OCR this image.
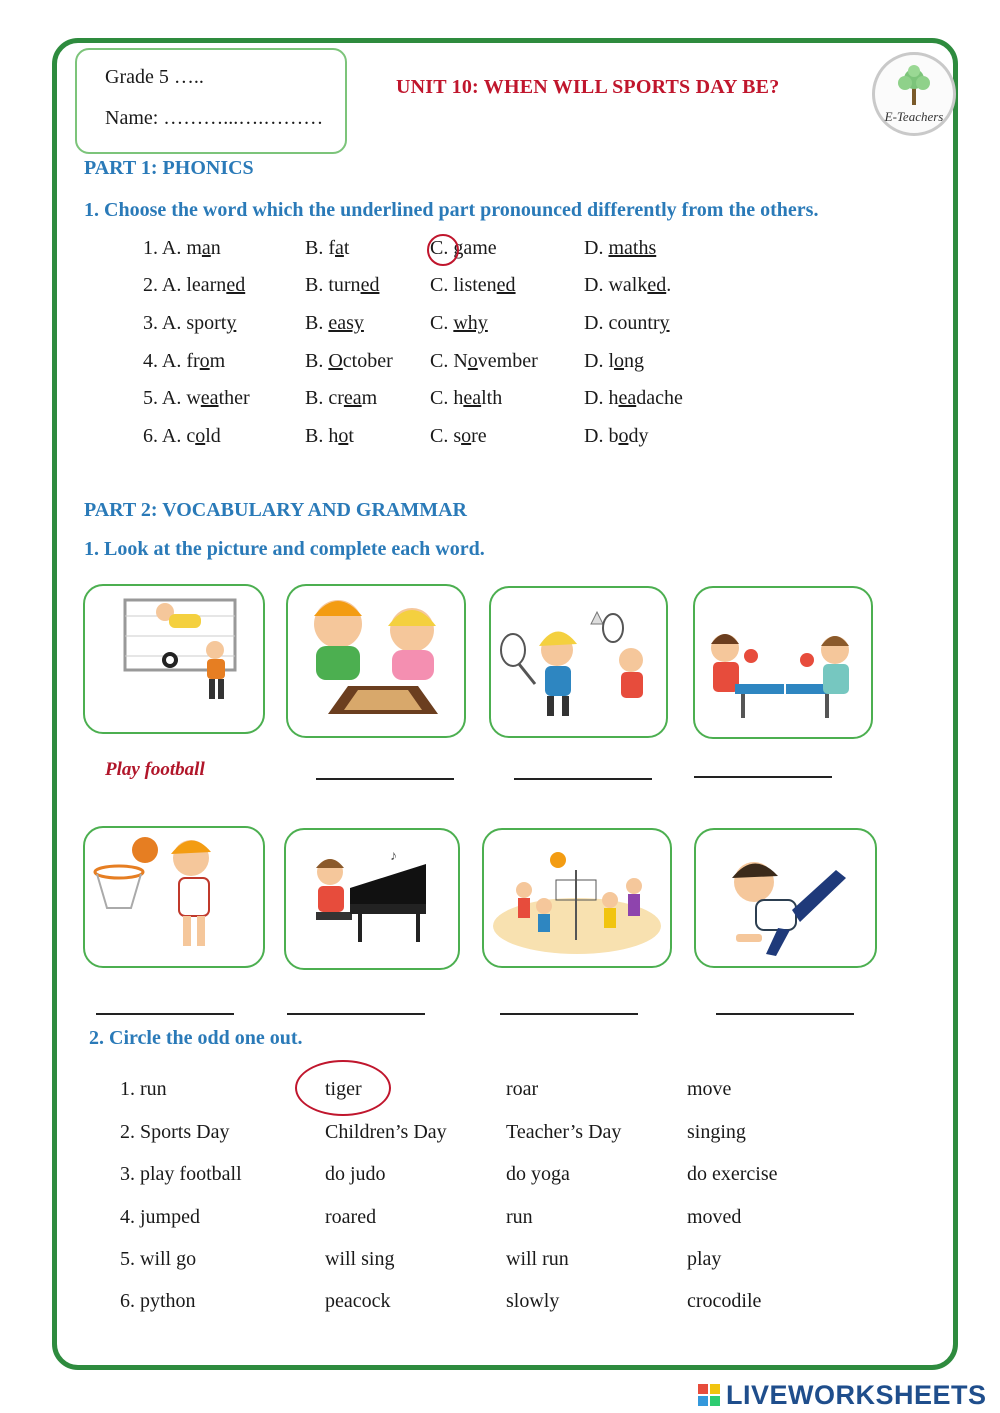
Grade 5 …..
Name: ………...….………
UNIT 10: WHEN WILL SPORTS DAY BE?
E-Teachers
PART 1: PHONICS
1. Choose the word which the underlined part pronounced differently from the others.
1. A. man	B. fat	C. game	D. maths
2. A. learned	B. turned	C. listened	D. walked.
3. A. sporty	B. easy	C. why	D. country
4. A. from	B. October C. November D. long
5. A. weather	B. cream	C. health	D. headache
6. A. cold	B. hot	C. sore	D. body
PART 2: VOCABULARY AND GRAMMAR
1. Look at the picture and complete each word.
Play football
♪
2. Circle the odd one out.
1. run	tiger	roar	move
2. Sports Day	Children’s Day	Teacher’s Day	singing
3. play football	do judo	do yoga	do exercise
4. jumped	roared	run	moved
5. will go	will sing	will run	play
6. python	peacock	slowly	crocodile
LIVEWORKSHEETS
